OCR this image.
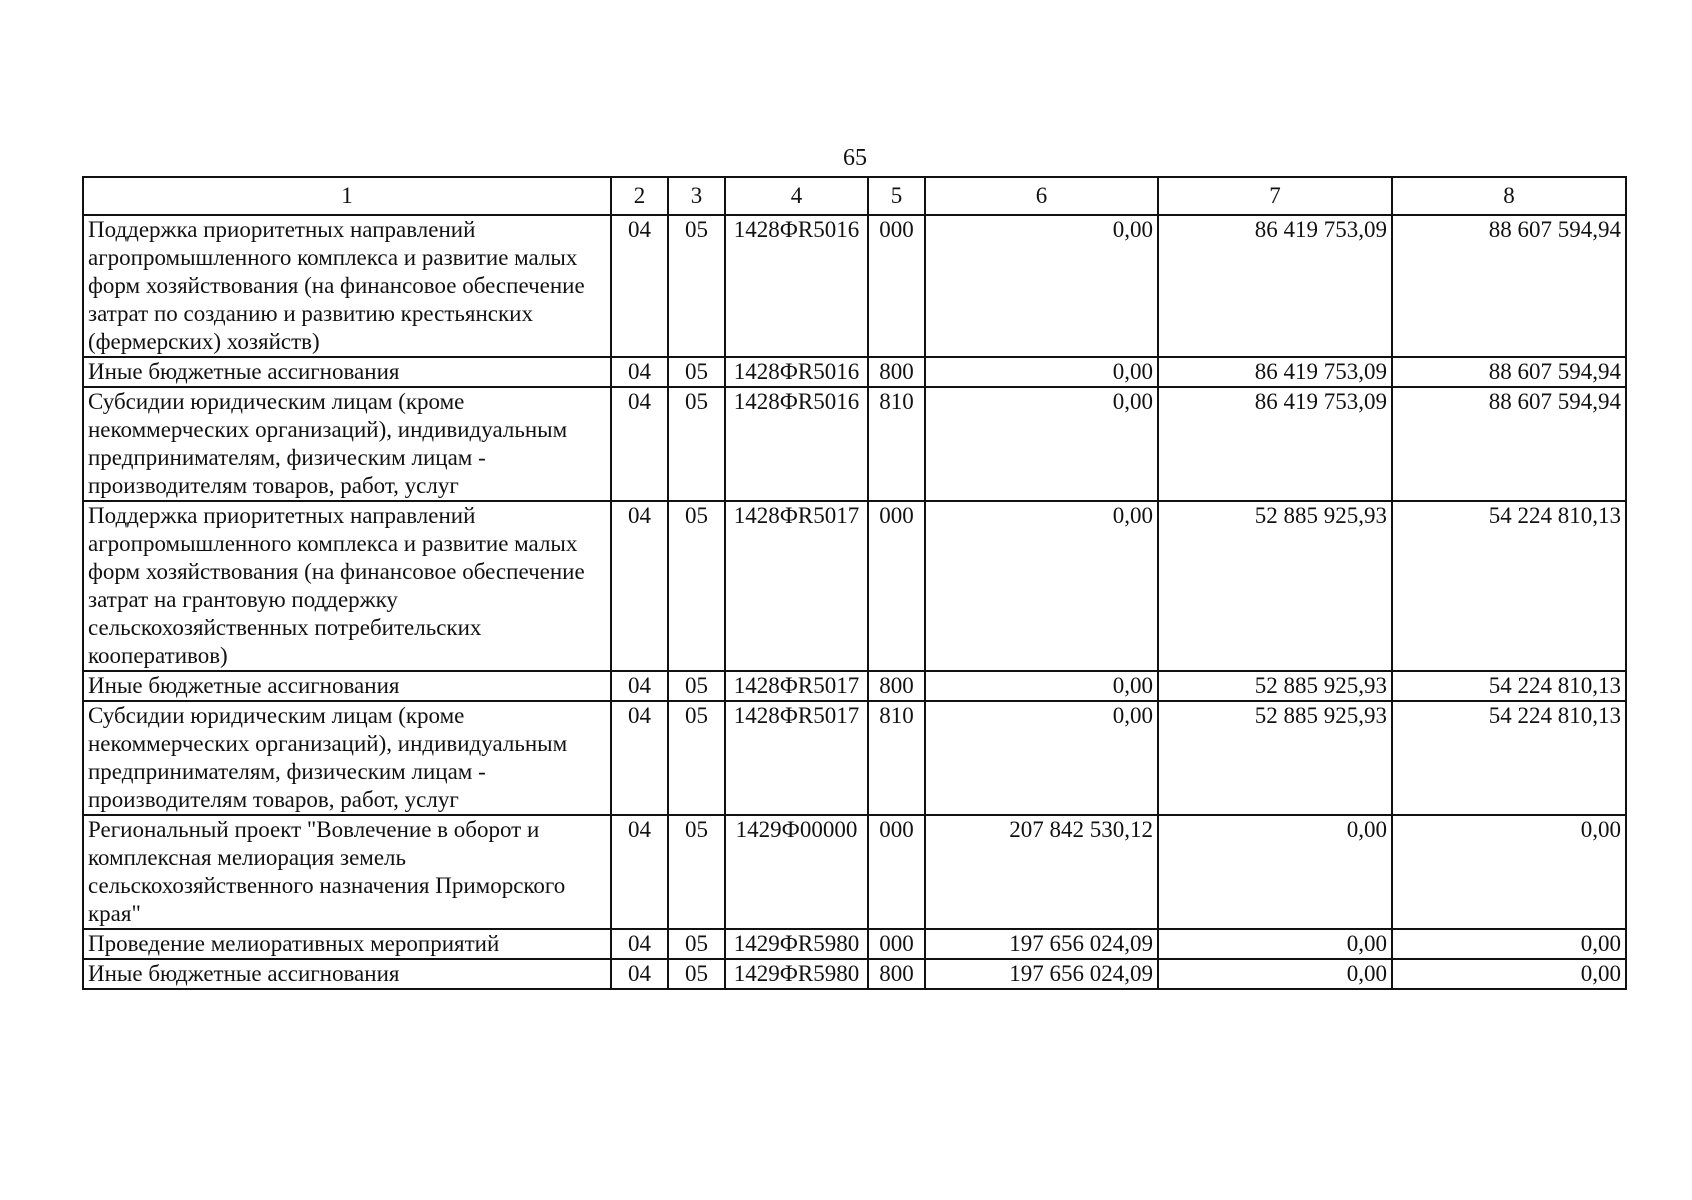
65
1	2	3	4	5	6	7	8
Поддержка приоритетных направлений агропромышленного комплекса и развитие малых форм хозяйствования (на финансовое обеспечение затрат по созданию и развитию крестьянских (фермерских) хозяйств)	04	05	1428ФR5016	000	0,00	86 419 753,09	88 607 594,94
Иные бюджетные ассигнования	04	05	1428ФR5016	800	0,00	86 419 753,09	88 607 594,94
Субсидии юридическим лицам (кроме некоммерческих организаций), индивидуальным предпринимателям, физическим лицам - производителям товаров, работ, услуг	04	05	1428ФR5016	810	0,00	86 419 753,09	88 607 594,94
Поддержка приоритетных направлений агропромышленного комплекса и развитие малых форм хозяйствования (на финансовое обеспечение затрат на грантовую поддержку сельскохозяйственных потребительских кооперативов)	04	05	1428ФR5017	000	0,00	52 885 925,93	54 224 810,13
Иные бюджетные ассигнования	04	05	1428ФR5017	800	0,00	52 885 925,93	54 224 810,13
Субсидии юридическим лицам (кроме некоммерческих организаций), индивидуальным предпринимателям, физическим лицам - производителям товаров, работ, услуг	04	05	1428ФR5017	810	0,00	52 885 925,93	54 224 810,13
Региональный проект "Вовлечение в оборот и комплексная мелиорация земель сельскохозяйственного назначения Приморского края"	04	05	1429Ф00000	000	207 842 530,12	0,00	0,00
Проведение мелиоративных мероприятий	04	05	1429ФR5980	000	197 656 024,09	0,00	0,00
Иные бюджетные ассигнования	04	05	1429ФR5980	800	197 656 024,09	0,00	0,00
